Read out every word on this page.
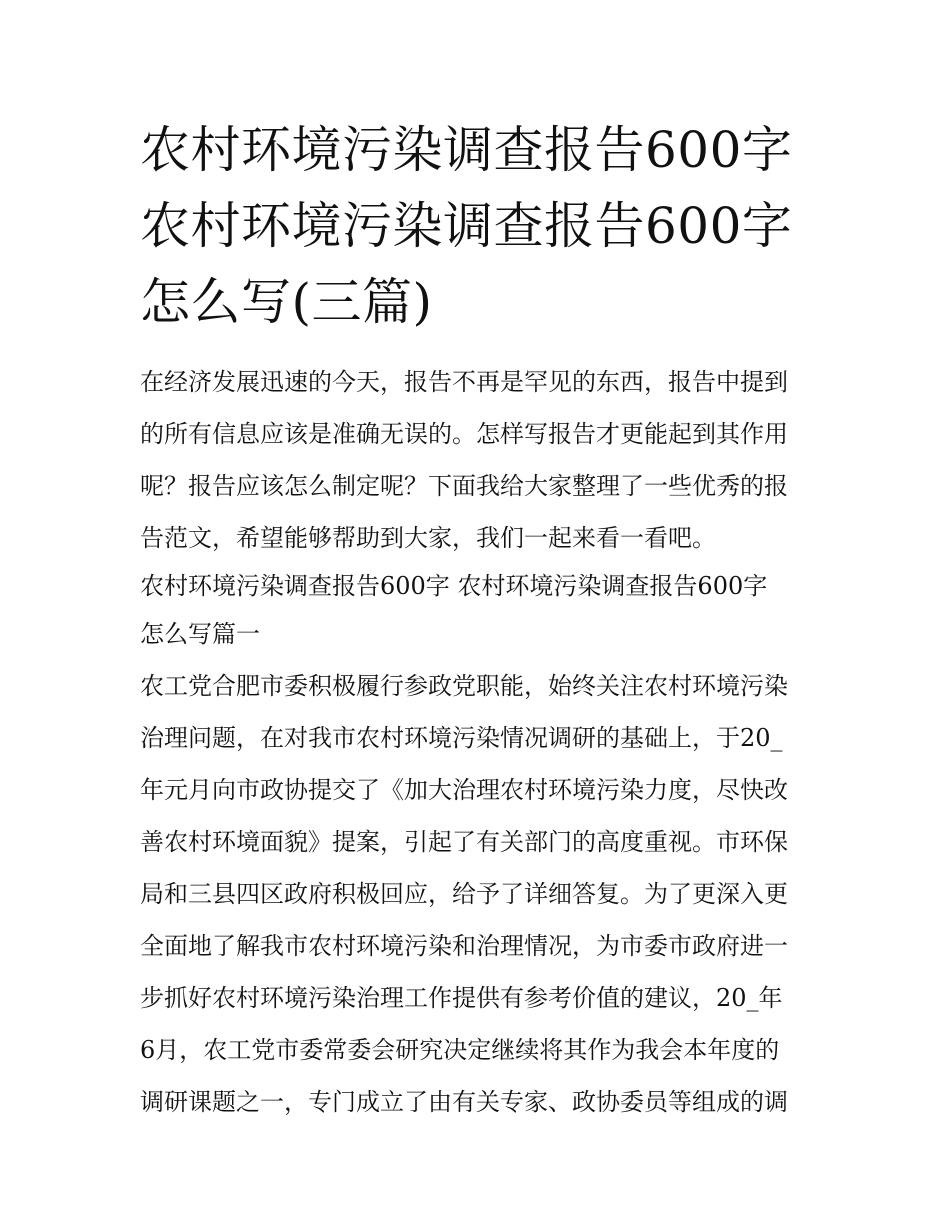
农村环境污染调查报告600字
农村环境污染调查报告600字
怎么写(三篇)

在经济发展迅速的今天，报告不再是罕见的东西，报告中提到
的所有信息应该是准确无误的。怎样写报告才更能起到其作用
呢？报告应该怎么制定呢？下面我给大家整理了一些优秀的报
告范文，希望能够帮助到大家，我们一起来看一看吧。

农村环境污染调查报告600字 农村环境污染调查报告600字
怎么写篇一

农工党合肥市委积极履行参政党职能，始终关注农村环境污染
治理问题，在对我市农村环境污染情况调研的基础上，于20_
年元月向市政协提交了《加大治理农村环境污染力度，尽快改
善农村环境面貌》提案，引起了有关部门的高度重视。市环保
局和三县四区政府积极回应，给予了详细答复。为了更深入更
全面地了解我市农村环境污染和治理情况，为市委市政府进一
步抓好农村环境污染治理工作提供有参考价值的建议，20_年
6月，农工党市委常委会研究决定继续将其作为我会本年度的
调研课题之一，专门成立了由有关专家、政协委员等组成的调
